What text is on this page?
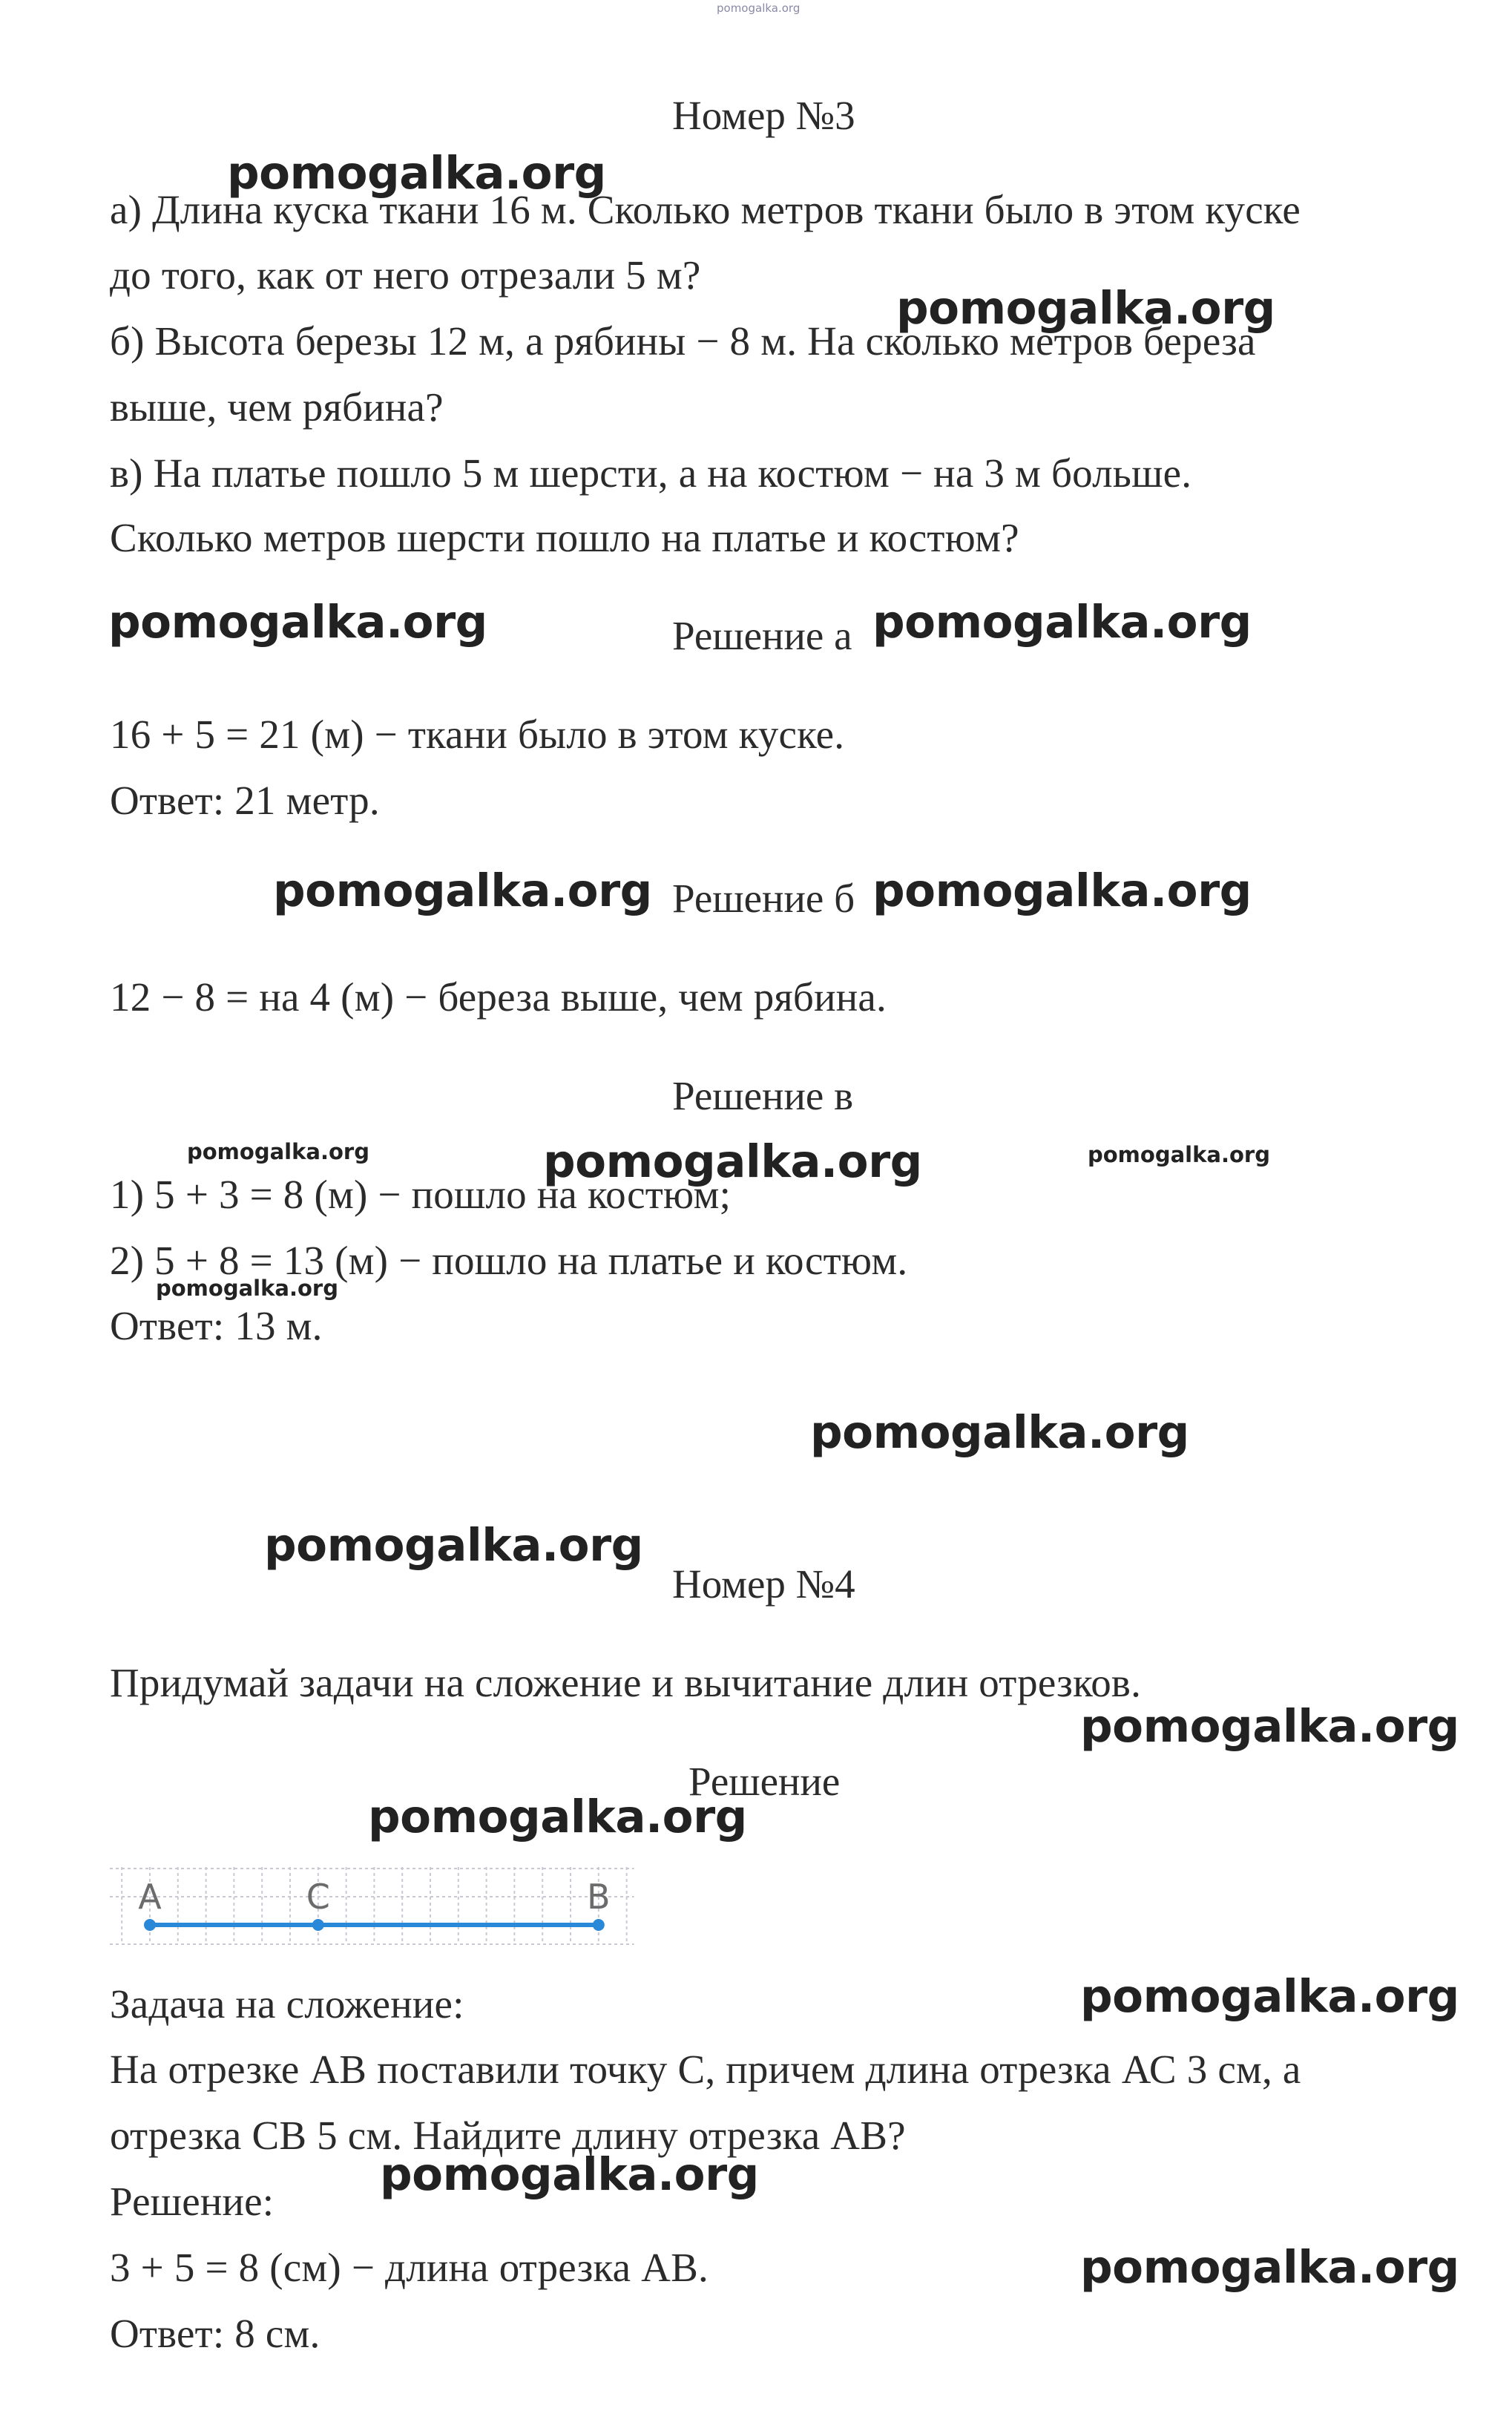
pomogalka.org
Номер №3
а) Длина куска ткани 16 м. Сколько метров ткани было в этом куске
до того, как от него отрезали 5 м?
б) Высота березы 12 м, а рябины − 8 м. На сколько метров береза
выше, чем рябина?
в) На платье пошло 5 м шерсти, а на костюм − на 3 м больше.
Сколько метров шерсти пошло на платье и костюм?
Решение а
16 + 5 = 21 (м) − ткани было в этом куске.
Ответ: 21 метр.
Решение б
12 − 8 = на 4 (м) − береза выше, чем рябина.
Решение в
1) 5 + 3 = 8 (м) − пошло на костюм;
2) 5 + 8 = 13 (м) − пошло на платье и костюм.
Ответ: 13 м.
Номер №4
Придумай задачи на сложение и вычитание длин отрезков.
Решение
A	C	B
Задача на сложение:
На отрезке АВ поставили точку С, причем длина отрезка АС 3 см, а
отрезка СВ 5 см. Найдите длину отрезка АВ?
Решение:
3 + 5 = 8 (см) − длина отрезка АВ.
Ответ: 8 см.
pomogalka.org
pomogalka.org
pomogalka.org	pomogalka.org
pomogalka.org	pomogalka.org
pomogalka.org
pomogalka.org
pomogalka.org
pomogalka.org
pomogalka.org
pomogalka.org
pomogalka.org
pomogalka.org
pomogalka.org	pomogalka.org
pomogalka.org
